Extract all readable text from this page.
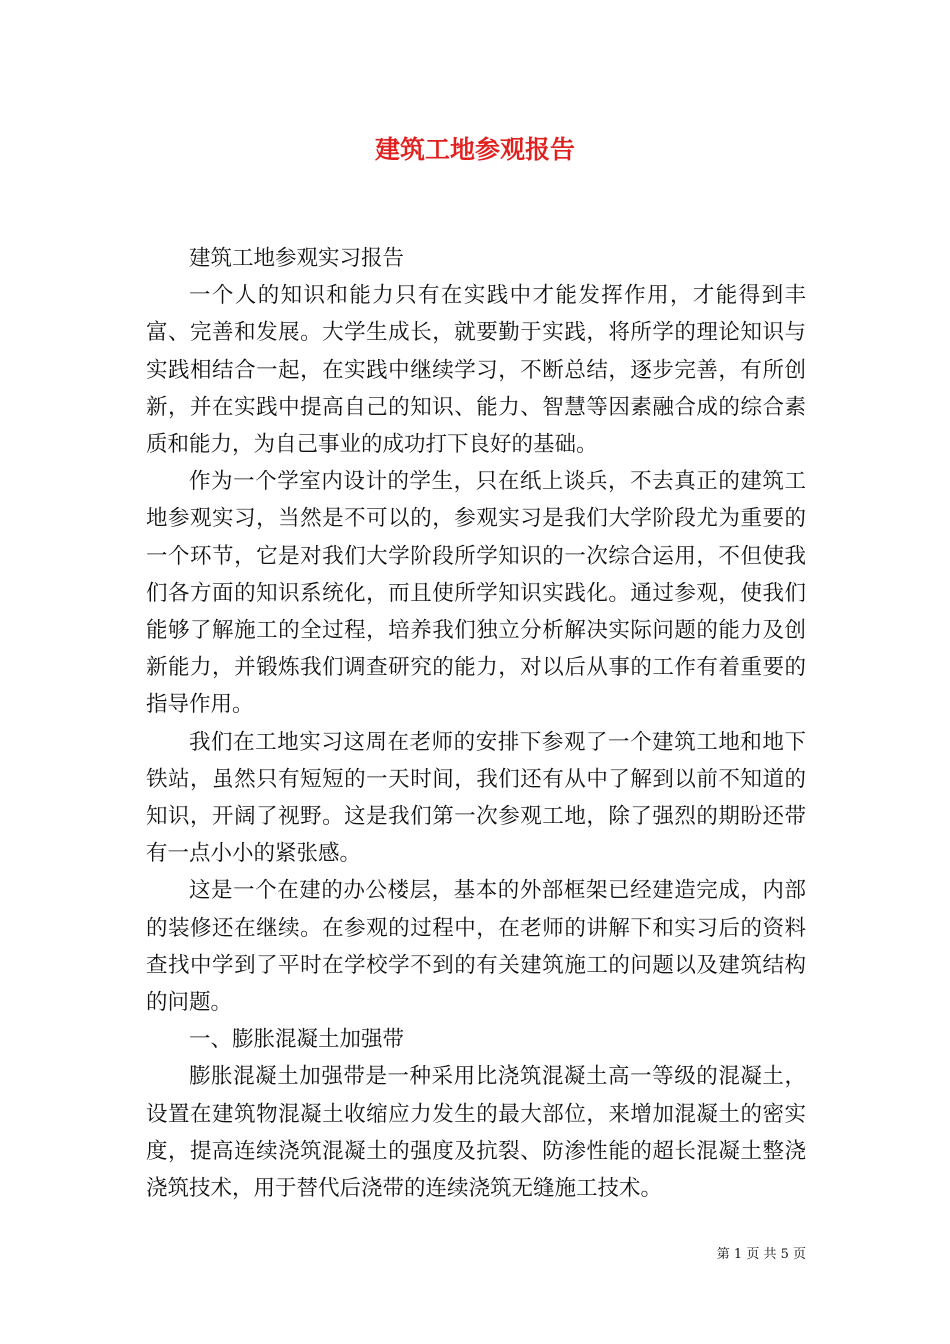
建筑工地参观报告

建筑工地参观实习报告

一个人的知识和能力只有在实践中才能发挥作用，才能得到丰富、完善和发展。大学生成长，就要勤于实践，将所学的理论知识与实践相结合一起，在实践中继续学习，不断总结，逐步完善，有所创新，并在实践中提高自己的知识、能力、智慧等因素融合成的综合素质和能力，为自己事业的成功打下良好的基础。

作为一个学室内设计的学生，只在纸上谈兵，不去真正的建筑工地参观实习，当然是不可以的，参观实习是我们大学阶段尤为重要的一个环节，它是对我们大学阶段所学知识的一次综合运用，不但使我们各方面的知识系统化，而且使所学知识实践化。通过参观，使我们能够了解施工的全过程，培养我们独立分析解决实际问题的能力及创新能力，并锻炼我们调查研究的能力，对以后从事的工作有着重要的指导作用。

我们在工地实习这周在老师的安排下参观了一个建筑工地和地下铁站，虽然只有短短的一天时间，我们还有从中了解到以前不知道的知识，开阔了视野。这是我们第一次参观工地，除了强烈的期盼还带有一点小小的紧张感。

这是一个在建的办公楼层，基本的外部框架已经建造完成，内部的装修还在继续。在参观的过程中，在老师的讲解下和实习后的资料查找中学到了平时在学校学不到的有关建筑施工的问题以及建筑结构的问题。

一、膨胀混凝土加强带

膨胀混凝土加强带是一种采用比浇筑混凝土高一等级的混凝土，设置在建筑物混凝土收缩应力发生的最大部位，来增加混凝土的密实度，提高连续浇筑混凝土的强度及抗裂、防渗性能的超长混凝土整浇浇筑技术，用于替代后浇带的连续浇筑无缝施工技术。

第 1 页 共 5 页
